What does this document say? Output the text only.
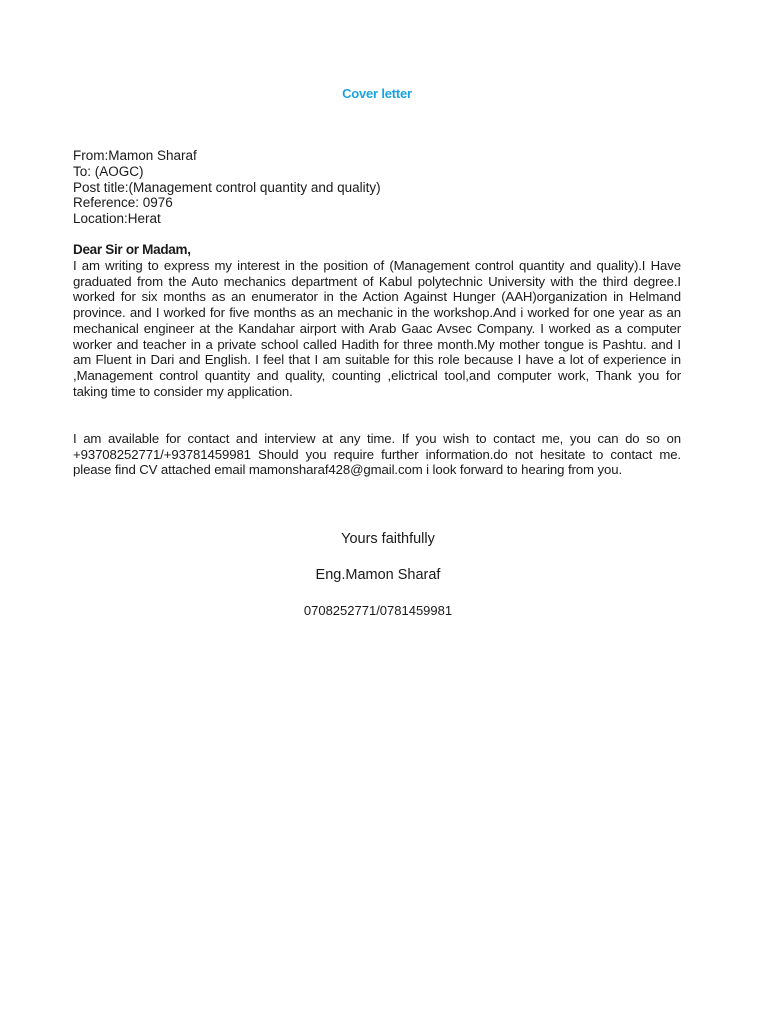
Cover letter
From:Mamon Sharaf
To: (AOGC)
Post title:(Management control quantity and quality)
Reference: 0976
Location:Herat
Dear Sir or Madam,
I am writing to express my interest in the position of (Management control quantity and quality).I Have graduated from the Auto mechanics department of Kabul polytechnic University with the third degree.I worked for six months as an enumerator in the Action Against Hunger (AAH)organization in Helmand province. and I worked for five months as an mechanic in the workshop.And i worked for one year as an mechanical engineer at the Kandahar airport with Arab Gaac Avsec Company. I worked as a computer worker and teacher in a private school called Hadith for three month.My mother tongue is Pashtu. and I am Fluent in Dari and English. I feel that I am suitable for this role because I have a lot of experience in ,Management control quantity and quality, counting ,elictrical tool,and computer work, Thank you for taking time to consider my application.
I am available for contact and interview at any time. If you wish to contact me, you can do so on +93708252771/+93781459981 Should you require further information.do not hesitate to contact me. please find CV attached email mamonsharaf428@gmail.com i look forward to hearing from you.
Yours faithfully
Eng.Mamon Sharaf
0708252771/0781459981
